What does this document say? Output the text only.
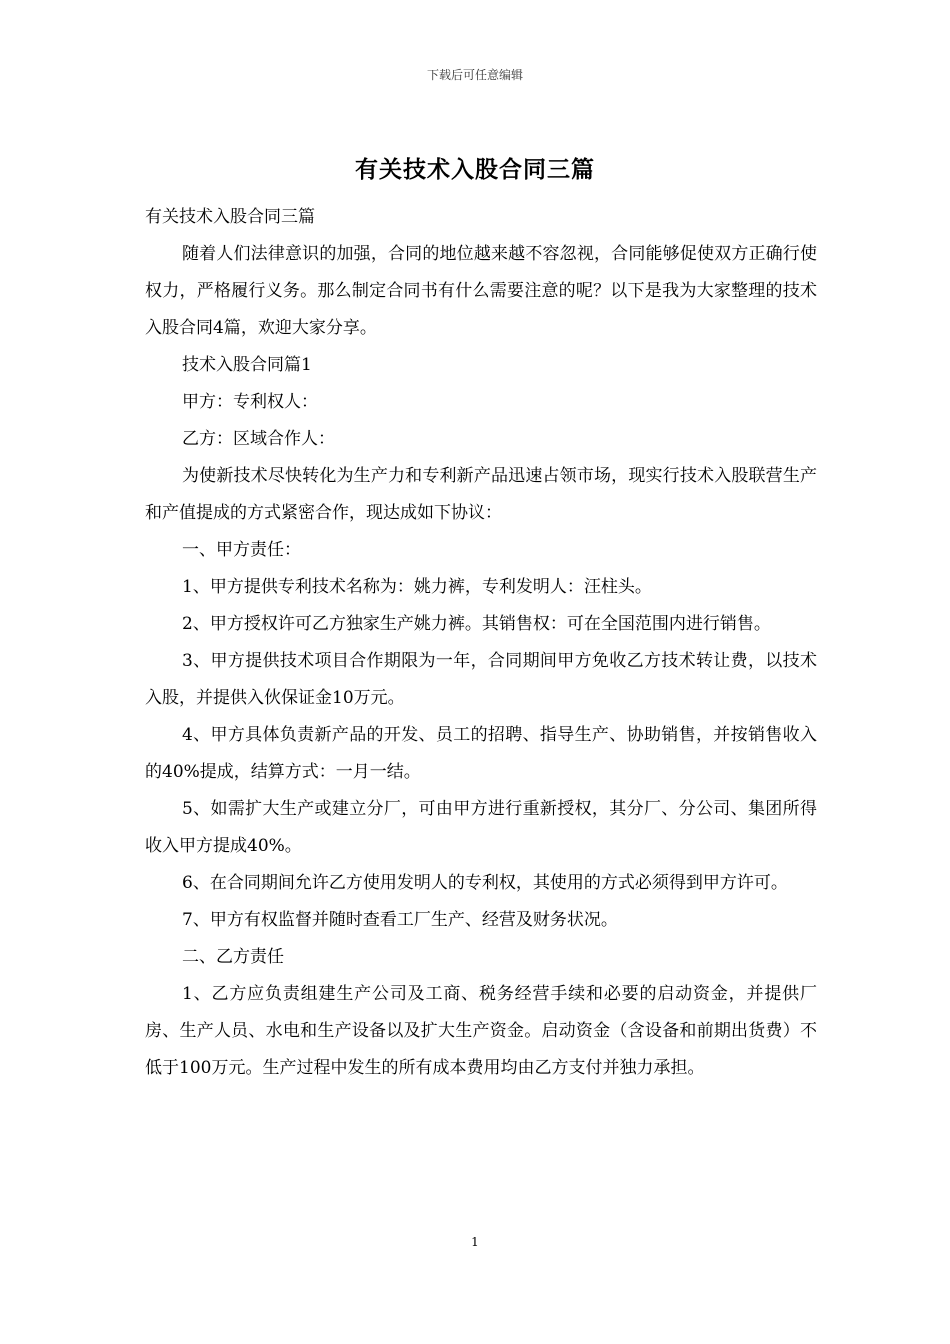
下载后可任意编辑
有关技术入股合同三篇

有关技术入股合同三篇

随着人们法律意识的加强，合同的地位越来越不容忽视，合同能够促使双方正确行使权力，严格履行义务。那么制定合同书有什么需要注意的呢？以下是我为大家整理的技术入股合同4篇，欢迎大家分享。

技术入股合同篇1

甲方：专利权人：

乙方：区域合作人：

为使新技术尽快转化为生产力和专利新产品迅速占领市场，现实行技术入股联营生产和产值提成的方式紧密合作，现达成如下协议：

一、甲方责任：

1、甲方提供专利技术名称为：姚力裤，专利发明人：汪柱头。

2、甲方授权许可乙方独家生产姚力裤。其销售权：可在全国范围内进行销售。

3、甲方提供技术项目合作期限为一年，合同期间甲方免收乙方技术转让费，以技术入股，并提供入伙保证金10万元。

4、甲方具体负责新产品的开发、员工的招聘、指导生产、协助销售，并按销售收入的40%提成，结算方式：一月一结。

5、如需扩大生产或建立分厂，可由甲方进行重新授权，其分厂、分公司、集团所得收入甲方提成40%。

6、在合同期间允许乙方使用发明人的专利权，其使用的方式必须得到甲方许可。

7、甲方有权监督并随时查看工厂生产、经营及财务状况。

二、乙方责任

1、乙方应负责组建生产公司及工商、税务经营手续和必要的启动资金，并提供厂房、生产人员、水电和生产设备以及扩大生产资金。启动资金（含设备和前期出货费）不低于100万元。生产过程中发生的所有成本费用均由乙方支付并独力承担。

1
